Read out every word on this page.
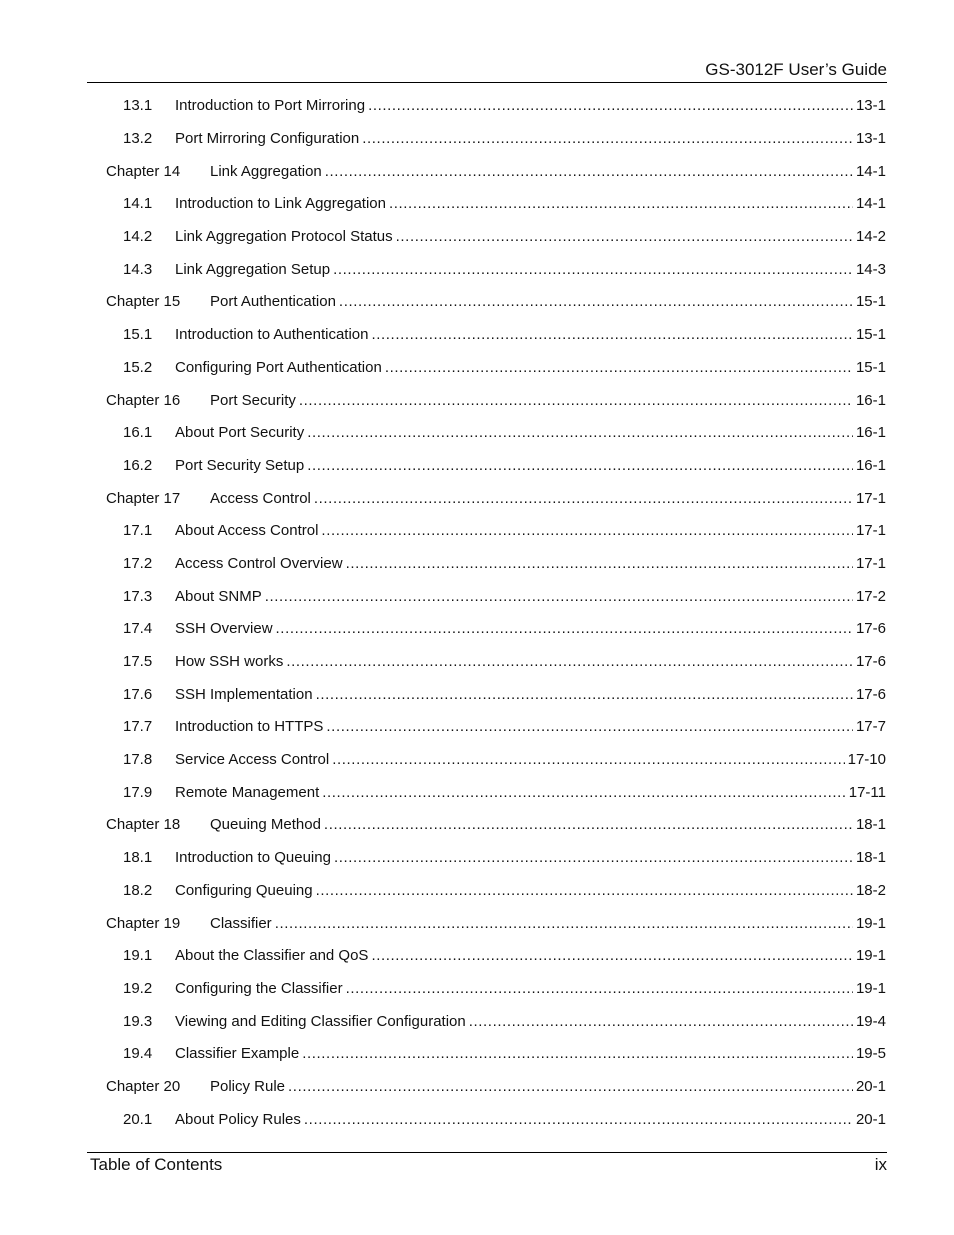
GS-3012F User’s Guide
13.1	Introduction to Port Mirroring .....	13-1
13.2	Port Mirroring Configuration .....	13-1
Chapter 14	Link Aggregation .....	14-1
14.1	Introduction to Link Aggregation .....	14-1
14.2	Link Aggregation Protocol Status .....	14-2
14.3	Link Aggregation Setup .....	14-3
Chapter 15	Port Authentication .....	15-1
15.1	Introduction to Authentication .....	15-1
15.2	Configuring Port Authentication .....	15-1
Chapter 16	Port Security .....	16-1
16.1	About Port Security .....	16-1
16.2	Port Security Setup .....	16-1
Chapter 17	Access Control .....	17-1
17.1	About Access Control .....	17-1
17.2	Access Control Overview .....	17-1
17.3	About SNMP .....	17-2
17.4	SSH Overview .....	17-6
17.5	How SSH works .....	17-6
17.6	SSH Implementation .....	17-6
17.7	Introduction to HTTPS .....	17-7
17.8	Service Access Control .....	17-10
17.9	Remote Management .....	17-11
Chapter 18	Queuing Method .....	18-1
18.1	Introduction to Queuing .....	18-1
18.2	Configuring Queuing .....	18-2
Chapter 19	Classifier .....	19-1
19.1	About the Classifier and QoS .....	19-1
19.2	Configuring the Classifier .....	19-1
19.3	Viewing and Editing Classifier Configuration .....	19-4
19.4	Classifier Example .....	19-5
Chapter 20	Policy Rule .....	20-1
20.1	About Policy Rules .....	20-1
Table of Contents	ix
